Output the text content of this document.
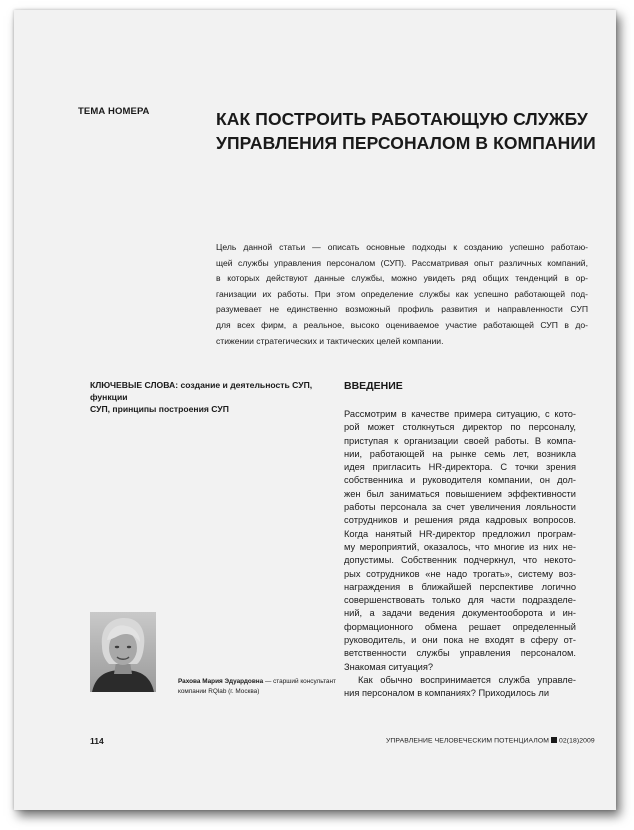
ТЕМА НОМЕРА	КАК ПОСТРОИТЬ РАБОТАЮЩУЮ СЛУЖБУ
УПРАВЛЕНИЯ ПЕРСОНАЛОМ В КОМПАНИИ
Цель данной статьи — описать основные подходы к созданию успешно работаю-
щей службы управления персоналом (СУП). Рассматривая опыт различных компаний,
в которых действуют данные службы, можно увидеть ряд общих тенденций в ор-
ганизации их работы. При этом определение службы как успешно работающей под-
разумевает не единственно возможный профиль развития и направленности СУП
для всех фирм, а реальное, высоко оцениваемое участие работающей СУП в до-
стижении стратегических и тактических целей компании.
КЛЮЧЕВЫЕ СЛОВА: создание и деятельность СУП, функции
СУП, принципы построения СУП
ВВЕДЕНИЕ
Рассмотрим в качестве примера ситуацию, с кото-
рой может столкнуться директор по персоналу,
приступая к организации своей работы. В компа-
нии, работающей на рынке семь лет, возникла
идея пригласить HR-директора. С точки зрения
собственника и руководителя компании, он дол-
жен был заниматься повышением эффективности
работы персонала за счет увеличения лояльности
сотрудников и решения ряда кадровых вопросов.
Когда нанятый HR-директор предложил програм-
му мероприятий, оказалось, что многие из них не-
допустимы. Собственник подчеркнул, что некото-
рых сотрудников «не надо трогать», систему воз-
награждения в ближайшей перспективе логично
совершенствовать только для части подразделе-
ний, а задачи ведения документооборота и ин-
формационного обмена решает определенный
руководитель, и они пока не входят в сферу от-
ветственности службы управления персоналом.
Знакомая ситуация?
Как обычно воспринимается служба управле-
ния персоналом в компаниях? Приходилось ли
Рахова Мария Эдуардовна — старший консультант
компании RQlab (г. Москва)
114	УПРАВЛЕНИЕ ЧЕЛОВЕЧЕСКИМ ПОТЕНЦИАЛОМ 02(18)2009
